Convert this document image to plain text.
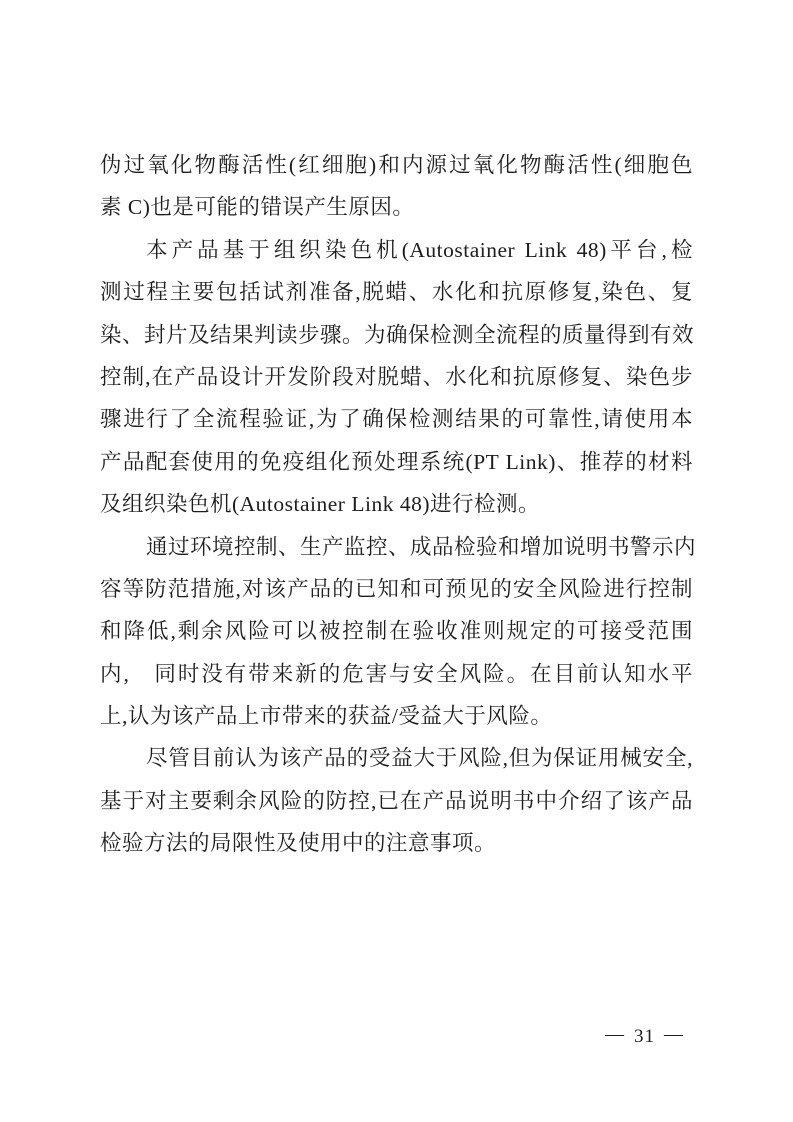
伪过氧化物酶活性(红细胞)和内源过氧化物酶活性(细胞色
素 C)也是可能的错误产生原因。
本产品基于组织染色机(Autostainer Link 48)平台,检
测过程主要包括试剂准备,脱蜡、水化和抗原修复,染色、复
染、封片及结果判读步骤。为确保检测全流程的质量得到有效
控制,在产品设计开发阶段对脱蜡、水化和抗原修复、染色步
骤进行了全流程验证,为了确保检测结果的可靠性,请使用本
产品配套使用的免疫组化预处理系统(PT Link)、推荐的材料
及组织染色机(Autostainer Link 48)进行检测。
通过环境控制、生产监控、成品检验和增加说明书警示内
容等防范措施,对该产品的已知和可预见的安全风险进行控制
和降低,剩余风险可以被控制在验收准则规定的可接受范围
内,　同时没有带来新的危害与安全风险。在目前认知水平
上,认为该产品上市带来的获益/受益大于风险。
尽管目前认为该产品的受益大于风险,但为保证用械安全,
基于对主要剩余风险的防控,已在产品说明书中介绍了该产品
检验方法的局限性及使用中的注意事项。
— 31 —
